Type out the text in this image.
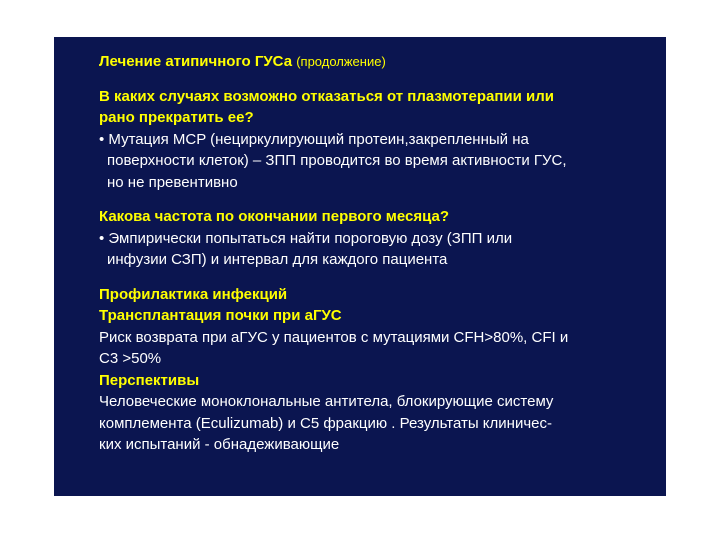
Лечение атипичного ГУСа (продолжение)
В каких случаях возможно отказаться от плазмотерапии или
рано прекратить ее?
• Мутация MCP (нециркулирующий протеин,закрепленный на
поверхности клеток) – ЗПП проводится во время активности ГУС,
но не превентивно
Какова частота по окончании первого месяца?
• Эмпирически попытаться найти пороговую дозу (ЗПП или
инфузии СЗП) и интервал для каждого пациента
Профилактика инфекций
Трансплантация почки при аГУС
Риск возврата при аГУС у пациентов с мутациями CFH>80%, CFI и
C3 >50%
Перспективы
Человеческие моноклональные антитела, блокирующие систему
комплемента (Eculizumab) и С5 фракцию . Результаты клиничес-
ких испытаний - обнадеживающие
